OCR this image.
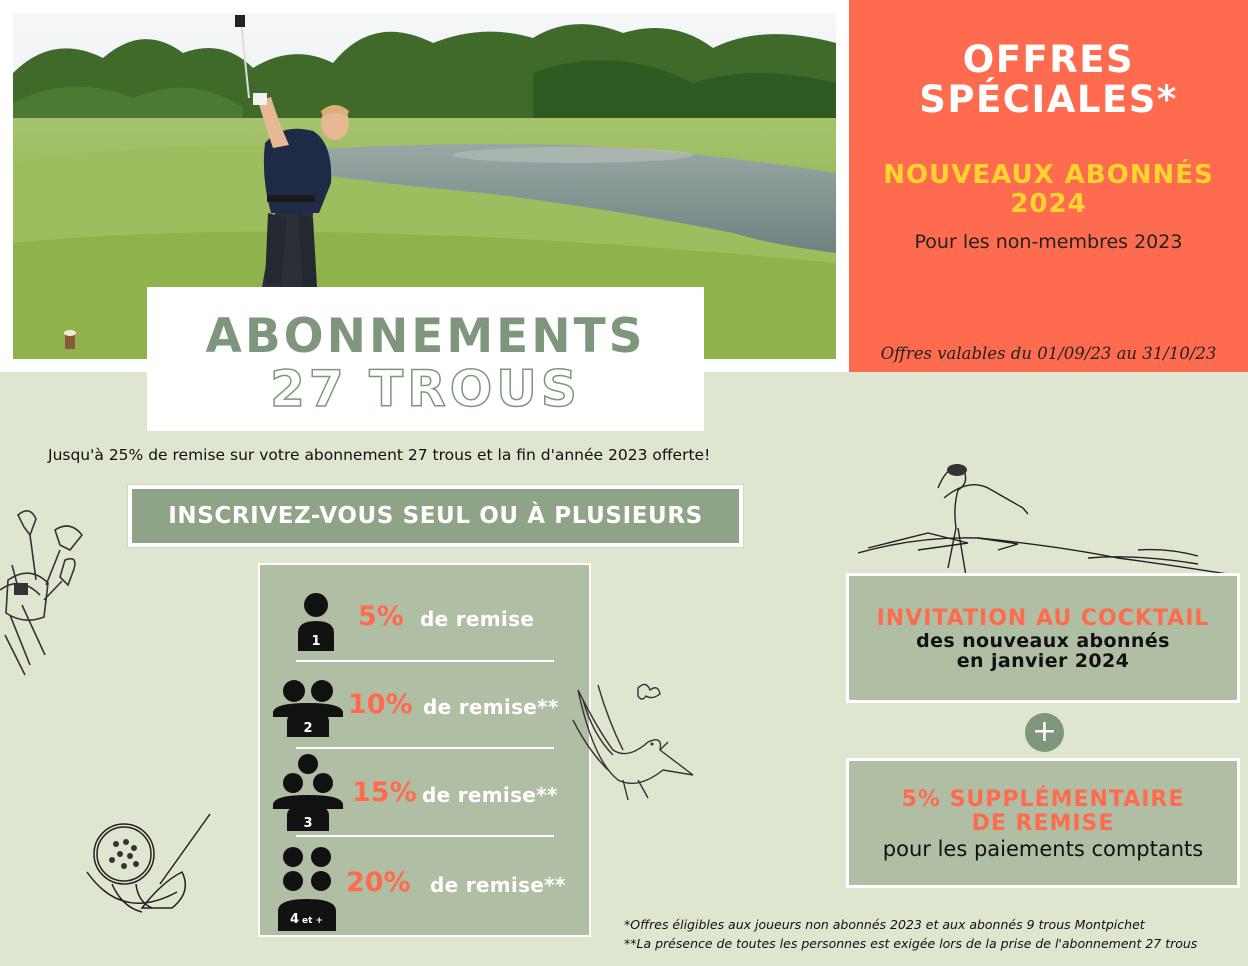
OFFRES
SPÉCIALES*
NOUVEAUX ABONNÉS
2024
Pour les non-membres 2023
Offres valables du 01/09/23 au 31/10/23
ABONNEMENTS
27 TROUS
Jusqu'à 25% de remise sur votre abonnement 27 trous et la fin d'année 2023 offerte!
INSCRIVEZ-VOUS SEUL OU À PLUSIEURS
1
5% de remise
2
10% de remise**
3
15% de remise**
4 et +
20% de remise**
INVITATION AU COCKTAIL
des nouveaux abonnés
en janvier 2024
+
5% SUPPLÉMENTAIRE
DE REMISE
pour les paiements comptants
*Offres éligibles aux joueurs non abonnés 2023 et aux abonnés 9 trous Montpichet
**La présence de toutes les personnes est exigée lors de la prise de l'abonnement 27 trous
